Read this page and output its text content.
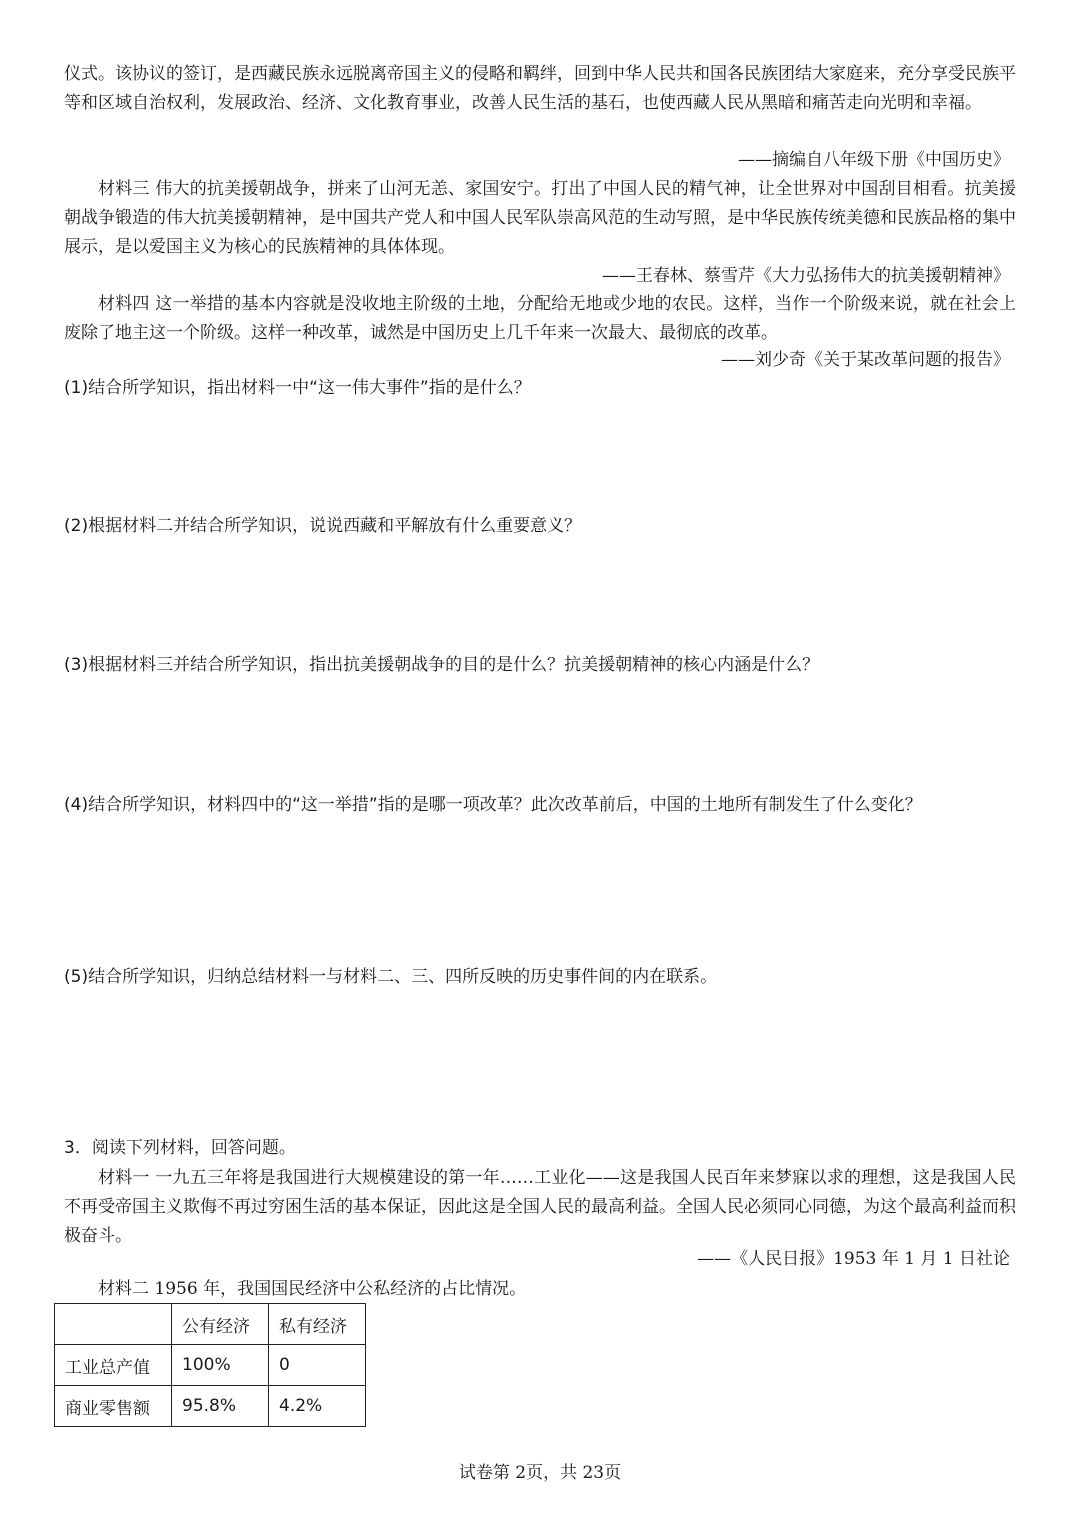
仪式。该协议的签订，是西藏民族永远脱离帝国主义的侵略和羁绊，回到中华人民共和国各民族团结大家庭来，充分享受民族平等和区域自治权利，发展政治、经济、文化教育事业，改善人民生活的基石，也使西藏人民从黑暗和痛苦走向光明和幸福。

——摘编自八年级下册《中国历史》

材料三 伟大的抗美援朝战争，拼来了山河无恙、家国安宁。打出了中国人民的精气神，让全世界对中国刮目相看。抗美援朝战争锻造的伟大抗美援朝精神，是中国共产党人和中国人民军队崇高风范的生动写照，是中华民族传统美德和民族品格的集中展示，是以爱国主义为核心的民族精神的具体体现。

——王春林、蔡雪芹《大力弘扬伟大的抗美援朝精神》

材料四 这一举措的基本内容就是没收地主阶级的土地，分配给无地或少地的农民。这样，当作一个阶级来说，就在社会上废除了地主这一个阶级。这样一种改革，诚然是中国历史上几千年来一次最大、最彻底的改革。

——刘少奇《关于某改革问题的报告》

(1)结合所学知识，指出材料一中“这一伟大事件”指的是什么？

(2)根据材料二并结合所学知识，说说西藏和平解放有什么重要意义？

(3)根据材料三并结合所学知识，指出抗美援朝战争的目的是什么？抗美援朝精神的核心内涵是什么？

(4)结合所学知识，材料四中的“这一举措”指的是哪一项改革？此次改革前后，中国的土地所有制发生了什么变化？

(5)结合所学知识，归纳总结材料一与材料二、三、四所反映的历史事件间的内在联系。

3．阅读下列材料，回答问题。

材料一 一九五三年将是我国进行大规模建设的第一年……工业化——这是我国人民百年来梦寐以求的理想，这是我国人民不再受帝国主义欺侮不再过穷困生活的基本保证，因此这是全国人民的最高利益。全国人民必须同心同德，为这个最高利益而积极奋斗。

——《人民日报》1953 年 1 月 1 日社论

材料二 1956 年，我国国民经济中公私经济的占比情况。

	公有经济	私有经济
工业总产值	100%	0
商业零售额	95.8%	4.2%

试卷第 2页，共 23页
